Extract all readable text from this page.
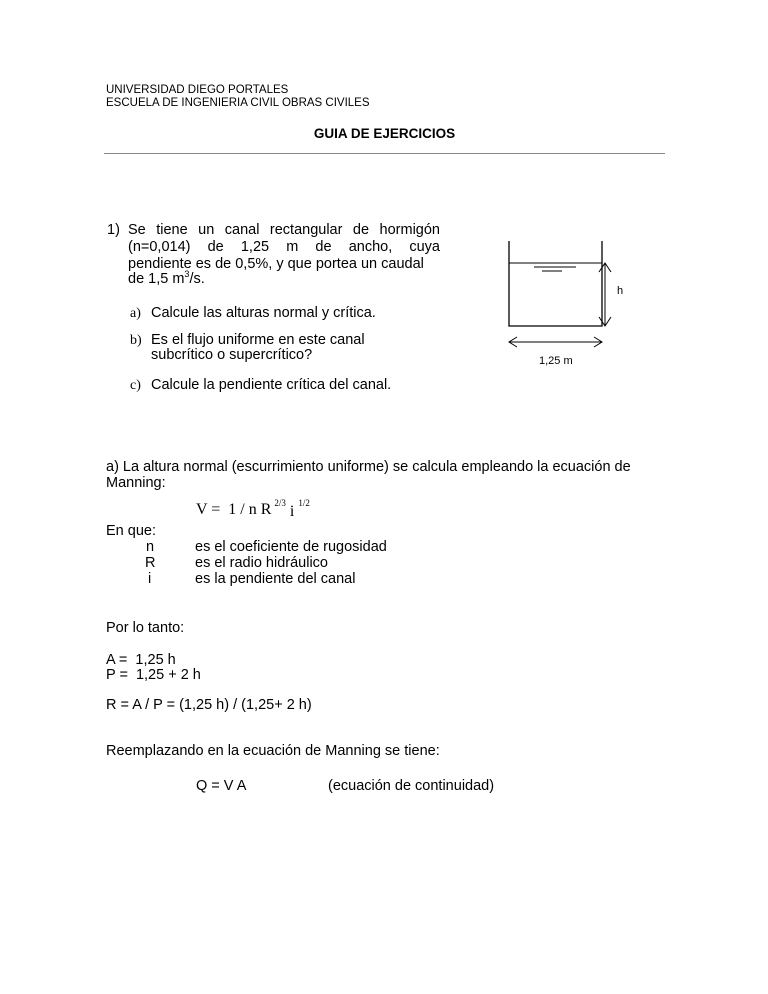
UNIVERSIDAD DIEGO PORTALES
ESCUELA DE INGENIERIA CIVIL OBRAS CIVILES
GUIA DE EJERCICIOS
1) Se tiene un canal rectangular de hormigón
(n=0,014) de 1,25 m de ancho, cuya
pendiente es de 0,5%, y que portea un caudal
de 1,5 $m^3/s$.
a) Calcule las alturas normal y crítica.
b) Es el flujo uniforme en este canal
subcrítico o supercrítico?
c) Calcule la pendiente crítica del canal.
h
1,25 m
a) La altura normal (escurrimiento uniforme) se calcula empleando la ecuación de
Manning:
V =  1 / n R $^{2/3}i^{1/2}$
En que:
n	es el coeficiente de rugosidad
R	es el radio hidráulico
i	es la pendiente del canal
Por lo tanto:
A =  1,25 h
P =  1,25 + 2 h
R = A / P = (1,25 h) / (1,25+ 2 h)
Reemplazando en la ecuación de Manning se tiene:
Q = V A	(ecuación de continuidad)
